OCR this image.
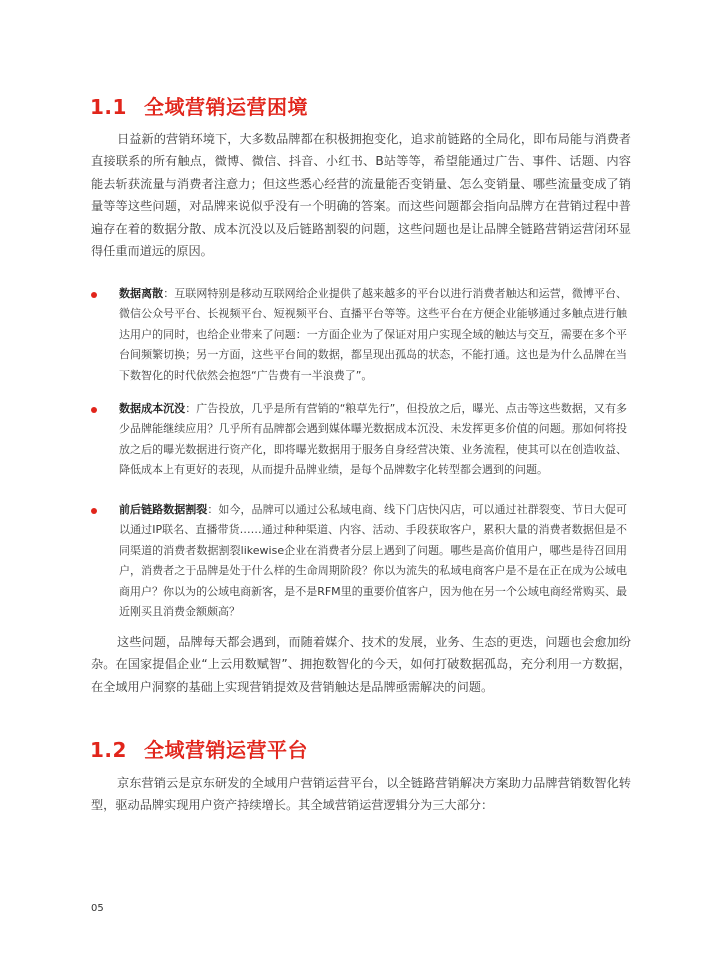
1.1 全域营销运营困境

日益新的营销环境下，大多数品牌都在积极拥抱变化，追求前链路的全局化，即布局能与消费者直接联系的所有触点，微博、微信、抖音、小红书、B站等等，希望能通过广告、事件、话题、内容能去斩获流量与消费者注意力；但这些悉心经营的流量能否变销量、怎么变销量、哪些流量变成了销量等等这些问题，对品牌来说似乎没有一个明确的答案。而这些问题都会指向品牌方在营销过程中普遍存在着的数据分散、成本沉没以及后链路割裂的问题，这些问题也是让品牌全链路营销运营闭环显得任重而道远的原因。

数据离散：互联网特别是移动互联网给企业提供了越来越多的平台以进行消费者触达和运营，微博平台、微信公众号平台、长视频平台、短视频平台、直播平台等等。这些平台在方便企业能够通过多触点进行触达用户的同时，也给企业带来了问题：一方面企业为了保证对用户实现全域的触达与交互，需要在多个平台间频繁切换；另一方面，这些平台间的数据，都呈现出孤岛的状态，不能打通。这也是为什么品牌在当下数智化的时代依然会抱怨“广告费有一半浪费了”。
数据成本沉没：广告投放，几乎是所有营销的“粮草先行”，但投放之后，曝光、点击等这些数据，又有多少品牌能继续应用？几乎所有品牌都会遇到媒体曝光数据成本沉没、未发挥更多价值的问题。那如何将投放之后的曝光数据进行资产化，即将曝光数据用于服务自身经营决策、业务流程，使其可以在创造收益、降低成本上有更好的表现，从而提升品牌业绩，是每个品牌数字化转型都会遇到的问题。
前后链路数据割裂：如今，品牌可以通过公私域电商、线下门店快闪店，可以通过社群裂变、节日大促可以通过IP联名、直播带货……通过种种渠道、内容、活动、手段获取客户，累积大量的消费者数据但是不同渠道的消费者数据割裂likewise企业在消费者分层上遇到了问题。哪些是高价值用户，哪些是待召回用户，消费者之于品牌是处于什么样的生命周期阶段？你以为流失的私域电商客户是不是在正在成为公域电商用户？你以为的公域电商新客，是不是RFM里的重要价值客户，因为他在另一个公域电商经常购买、最近刚买且消费金额颇高？

这些问题，品牌每天都会遇到，而随着媒介、技术的发展，业务、生态的更迭，问题也会愈加纷杂。在国家提倡企业“上云用数赋智”、拥抱数智化的今天，如何打破数据孤岛，充分利用一方数据，在全域用户洞察的基础上实现营销提效及营销触达是品牌亟需解决的问题。

1.2 全域营销运营平台

京东营销云是京东研发的全域用户营销运营平台，以全链路营销解决方案助力品牌营销数智化转型，驱动品牌实现用户资产持续增长。其全域营销运营逻辑分为三大部分：

05
